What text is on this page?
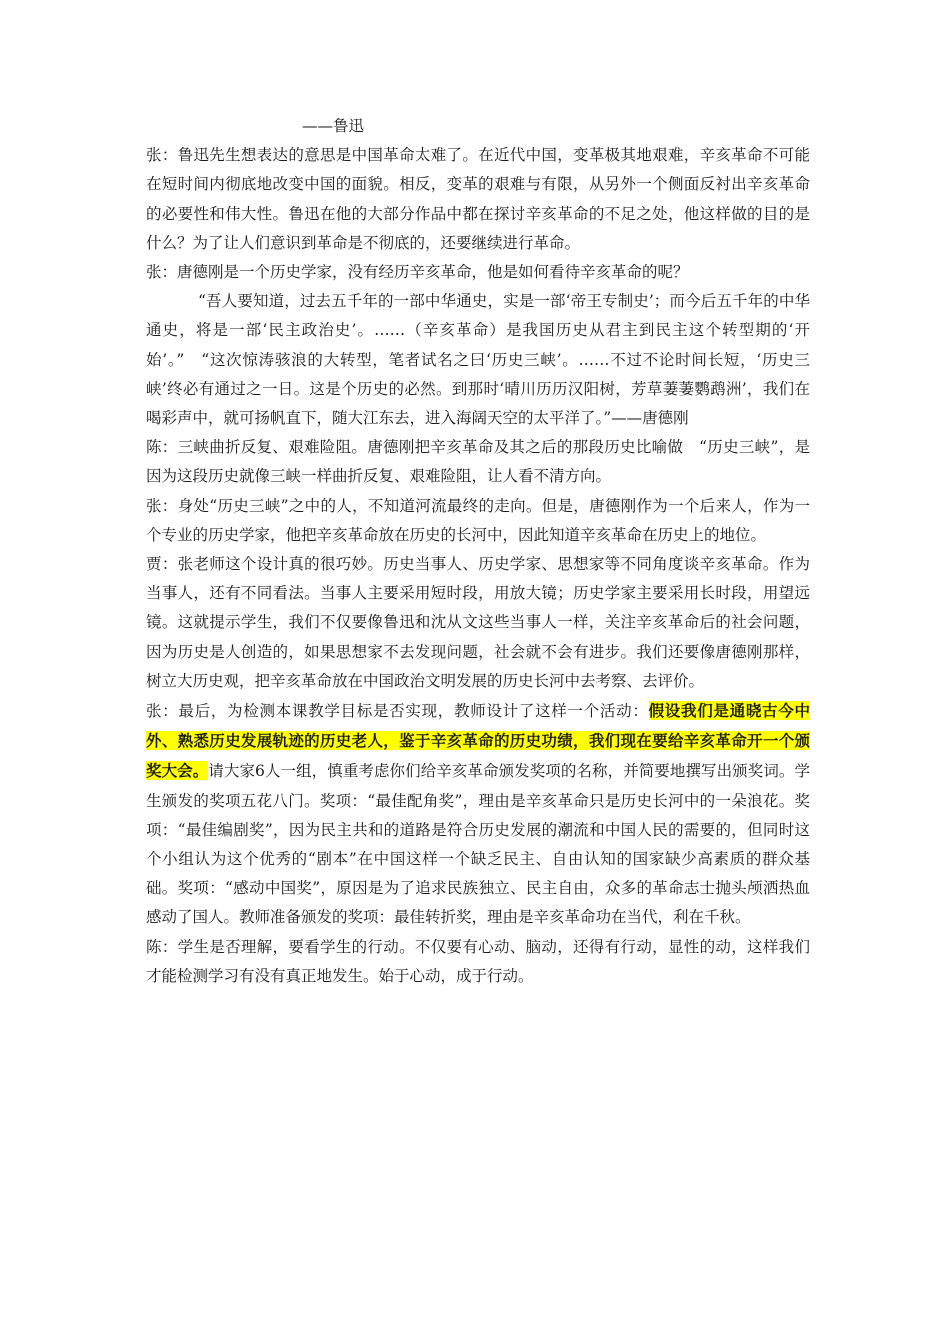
——鲁迅

张：鲁迅先生想表达的意思是中国革命太难了。在近代中国，变革极其地艰难，辛亥革命不可能在短时间内彻底地改变中国的面貌。相反，变革的艰难与有限，从另外一个侧面反衬出辛亥革命的必要性和伟大性。鲁迅在他的大部分作品中都在探讨辛亥革命的不足之处，他这样做的目的是什么？为了让人们意识到革命是不彻底的，还要继续进行革命。

张：唐德刚是一个历史学家，没有经历辛亥革命，他是如何看待辛亥革命的呢？

“吾人要知道，过去五千年的一部中华通史，实是一部‘帝王专制史’；而今后五千年的中华通史，将是一部‘民主政治史’。……（辛亥革命）是我国历史从君主到民主这个转型期的‘开始’。”　“这次惊涛骇浪的大转型，笔者试名之曰‘历史三峡’。……不过不论时间长短，‘历史三峡’终必有通过之一日。这是个历史的必然。到那时‘晴川历历汉阳树，芳草萋萋鹦鹉洲’，我们在喝彩声中，就可扬帆直下，随大江东去，进入海阔天空的太平洋了。”——唐德刚

陈：三峡曲折反复、艰难险阻。唐德刚把辛亥革命及其之后的那段历史比喻做　“历史三峡”，是因为这段历史就像三峡一样曲折反复、艰难险阻，让人看不清方向。

张：身处“历史三峡”之中的人，不知道河流最终的走向。但是，唐德刚作为一个后来人，作为一个专业的历史学家，他把辛亥革命放在历史的长河中，因此知道辛亥革命在历史上的地位。

贾：张老师这个设计真的很巧妙。历史当事人、历史学家、思想家等不同角度谈辛亥革命。作为当事人，还有不同看法。当事人主要采用短时段，用放大镜；历史学家主要采用长时段，用望远镜。这就提示学生，我们不仅要像鲁迅和沈从文这些当事人一样，关注辛亥革命后的社会问题，因为历史是人创造的，如果思想家不去发现问题，社会就不会有进步。我们还要像唐德刚那样，树立大历史观，把辛亥革命放在中国政治文明发展的历史长河中去考察、去评价。

张：最后，为检测本课教学目标是否实现，教师设计了这样一个活动：假设我们是通晓古今中外、熟悉历史发展轨迹的历史老人，鉴于辛亥革命的历史功绩，我们现在要给辛亥革命开一个颁奖大会。请大家6人一组，慎重考虑你们给辛亥革命颁发奖项的名称，并简要地撰写出颁奖词。学生颁发的奖项五花八门。奖项：“最佳配角奖”，理由是辛亥革命只是历史长河中的一朵浪花。奖项：“最佳编剧奖”，因为民主共和的道路是符合历史发展的潮流和中国人民的需要的，但同时这个小组认为这个优秀的“剧本”在中国这样一个缺乏民主、自由认知的国家缺少高素质的群众基础。奖项：“感动中国奖”，原因是为了追求民族独立、民主自由，众多的革命志士抛头颅洒热血感动了国人。教师准备颁发的奖项：最佳转折奖，理由是辛亥革命功在当代，利在千秋。

陈：学生是否理解，要看学生的行动。不仅要有心动、脑动，还得有行动，显性的动，这样我们才能检测学习有没有真正地发生。始于心动，成于行动。
